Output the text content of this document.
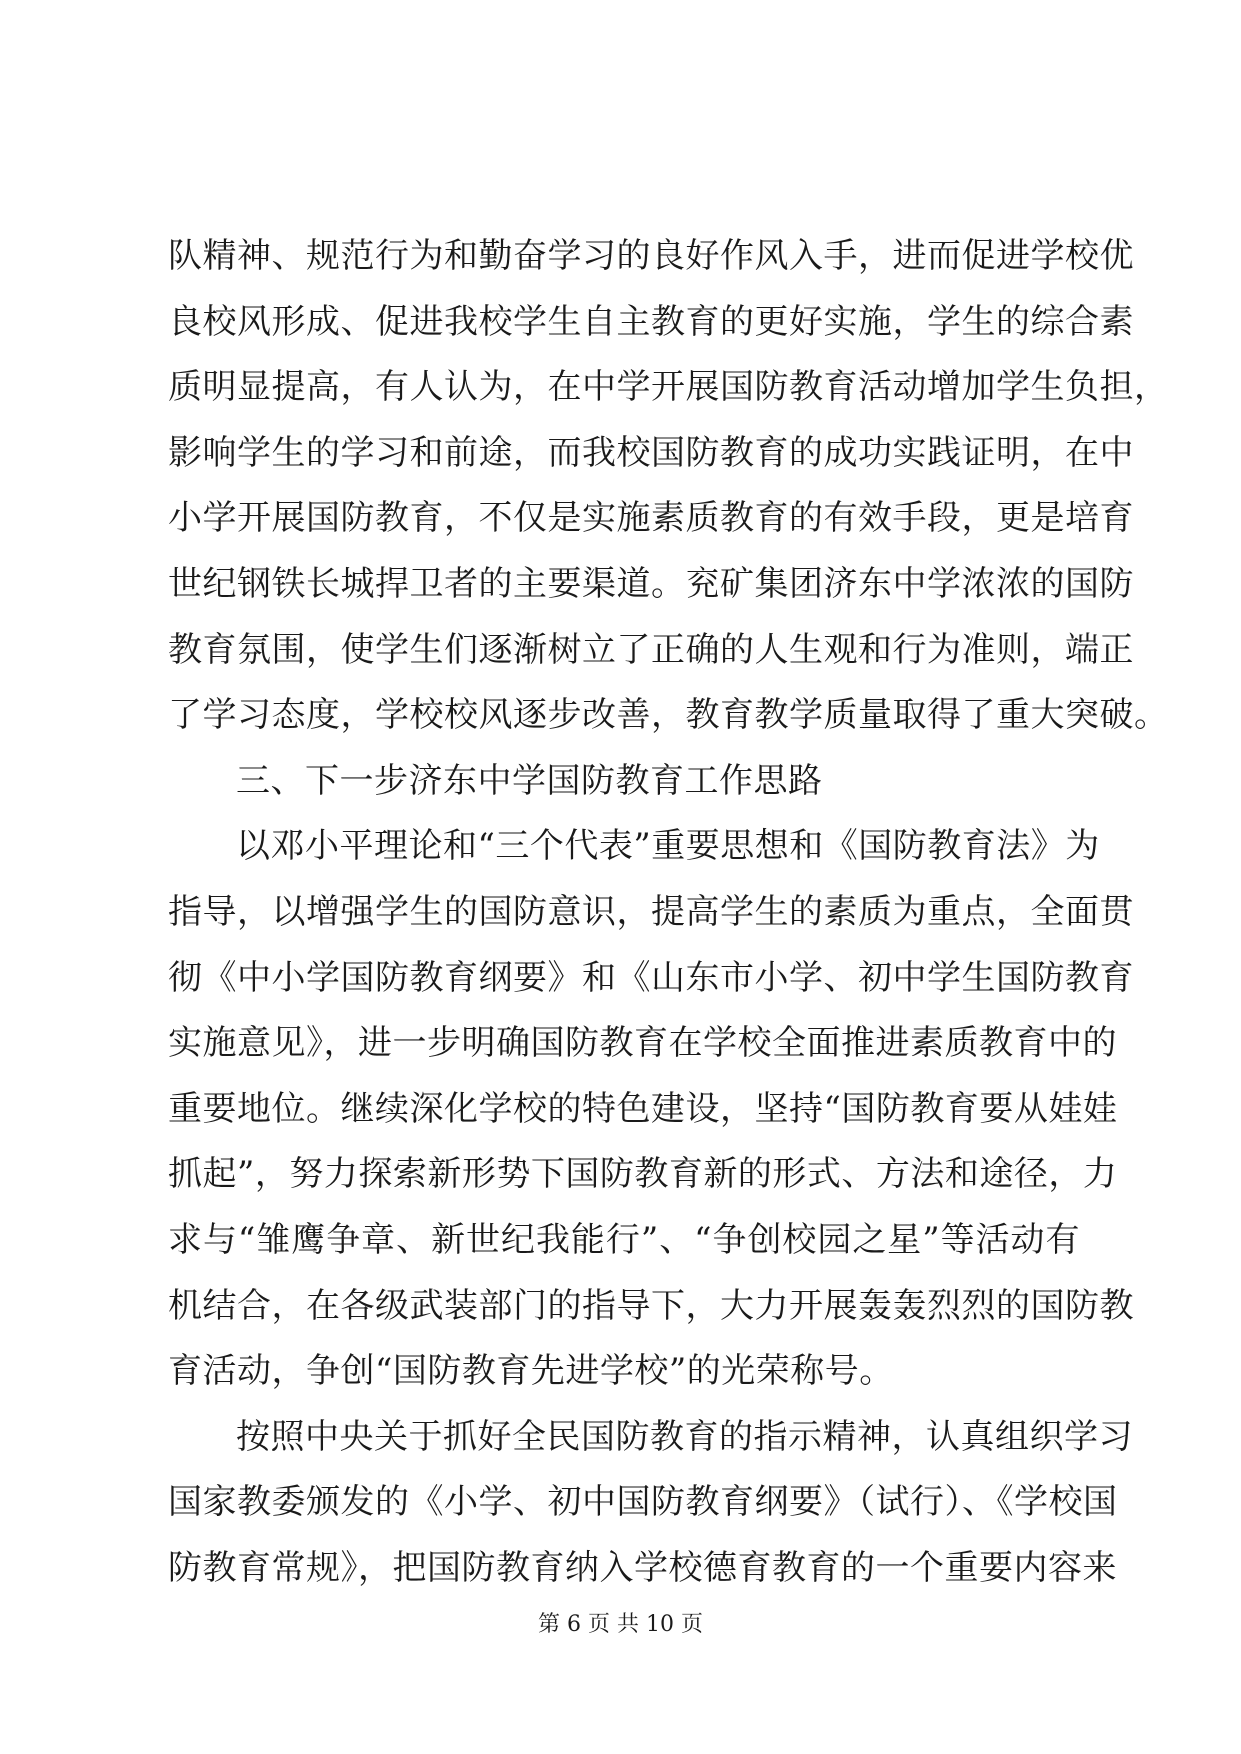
队精神、规范行为和勤奋学习的良好作风入手，进而促进学校优
良校风形成、促进我校学生自主教育的更好实施，学生的综合素
质明显提高，有人认为，在中学开展国防教育活动增加学生负担，
影响学生的学习和前途，而我校国防教育的成功实践证明，在中
小学开展国防教育，不仅是实施素质教育的有效手段，更是培育
世纪钢铁长城捍卫者的主要渠道。兖矿集团济东中学浓浓的国防
教育氛围，使学生们逐渐树立了正确的人生观和行为准则，端正
了学习态度，学校校风逐步改善，教育教学质量取得了重大突破。
三、下一步济东中学国防教育工作思路
以邓小平理论和“三个代表”重要思想和《国防教育法》为
指导，以增强学生的国防意识，提高学生的素质为重点，全面贯
彻《中小学国防教育纲要》和《山东市小学、初中学生国防教育
实施意见》，进一步明确国防教育在学校全面推进素质教育中的
重要地位。继续深化学校的特色建设，坚持“国防教育要从娃娃
抓起”，努力探索新形势下国防教育新的形式、方法和途径，力
求与“雏鹰争章、新世纪我能行”、“争创校园之星”等活动有
机结合，在各级武装部门的指导下，大力开展轰轰烈烈的国防教
育活动，争创“国防教育先进学校”的光荣称号。
按照中央关于抓好全民国防教育的指示精神，认真组织学习
国家教委颁发的《小学、初中国防教育纲要》（试行）、《学校国
防教育常规》，把国防教育纳入学校德育教育的一个重要内容来
第 6 页 共 10 页
